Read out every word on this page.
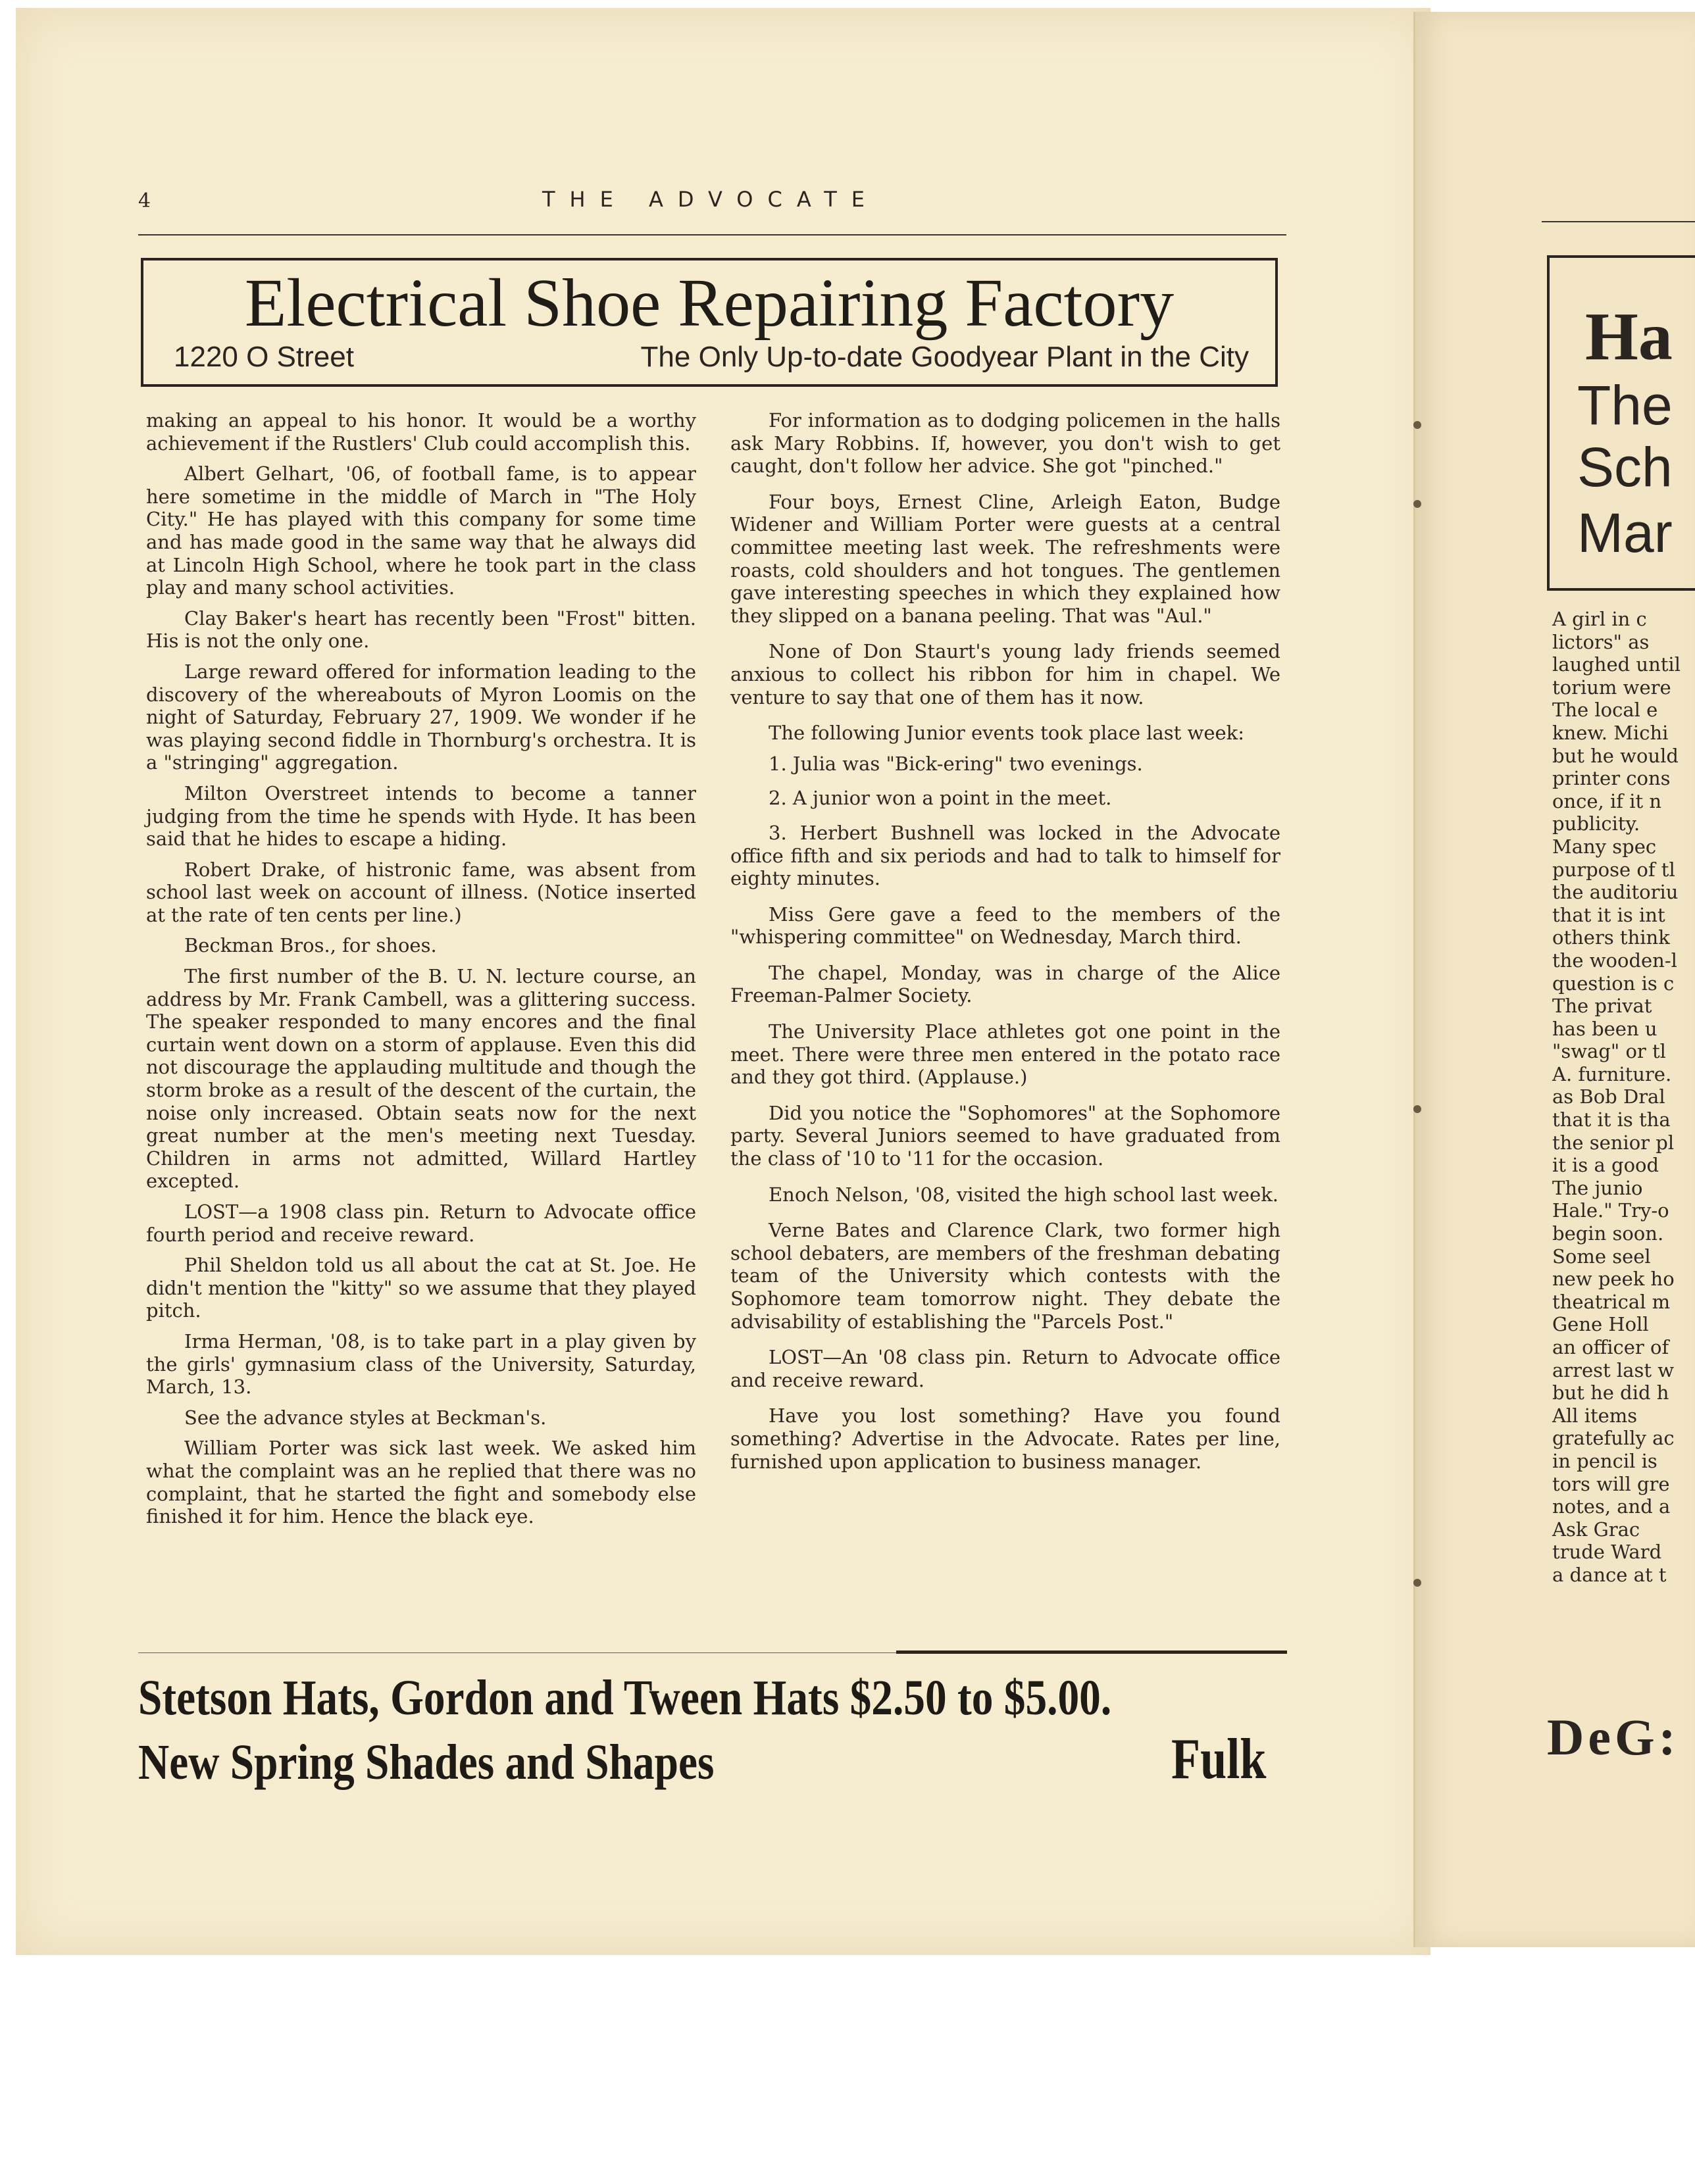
Ha
The
Sch
Mar
A girl in c
lictors" as
laughed until
torium were
The local e
knew. Michi
but he would
printer cons
once, if it n
publicity.
Many spec
purpose of tl
the auditoriu
that it is int
others think
the wooden-l
question is c
The privat
has been u
"swag" or tl
A. furniture.
as Bob Dral
that it is tha
the senior pl
it is a good
The junio
Hale." Try-o
begin soon.
Some seel
new peek ho
theatrical m
Gene Holl
an officer of
arrest last w
but he did h
All items
gratefully ac
in pencil is
tors will gre
notes, and a
Ask Grac
trude Ward
a dance at t
DeG:
4	THE ADVOCATE
Electrical Shoe Repairing Factory
1220 O Street	The Only Up-to-date Goodyear Plant in the City

making an appeal to his honor. It would be a worthy achievement if the Rustlers' Club could accomplish this.

Albert Gelhart, '06, of football fame, is to appear here sometime in the middle of March in "The Holy City." He has played with this company for some time and has made good in the same way that he always did at Lincoln High School, where he took part in the class play and many school activities.

Clay Baker's heart has recently been "Frost" bitten. His is not the only one.

Large reward offered for information leading to the discovery of the whereabouts of Myron Loomis on the night of Saturday, February 27, 1909. We wonder if he was playing second fiddle in Thornburg's orchestra. It is a "stringing" aggregation.

Milton Overstreet intends to become a tanner judging from the time he spends with Hyde. It has been said that he hides to escape a hiding.

Robert Drake, of histronic fame, was absent from school last week on account of illness. (Notice inserted at the rate of ten cents per line.)

Beckman Bros., for shoes.

The first number of the B. U. N. lecture course, an address by Mr. Frank Cambell, was a glittering success. The speaker responded to many encores and the final curtain went down on a storm of applause. Even this did not discourage the applauding multitude and though the storm broke as a result of the descent of the curtain, the noise only increased. Obtain seats now for the next great number at the men's meeting next Tuesday. Children in arms not admitted, Willard Hartley excepted.

LOST—a 1908 class pin. Return to Advocate office fourth period and receive reward.

Phil Sheldon told us all about the cat at St. Joe. He didn't mention the "kitty" so we assume that they played pitch.

Irma Herman, '08, is to take part in a play given by the girls' gymnasium class of the University, Saturday, March, 13.

See the advance styles at Beckman's.

William Porter was sick last week. We asked him what the complaint was an he replied that there was no complaint, that he started the fight and somebody else finished it for him. Hence the black eye.

For information as to dodging policemen in the halls ask Mary Robbins. If, however, you don't wish to get caught, don't follow her advice. She got "pinched."

Four boys, Ernest Cline, Arleigh Eaton, Budge Widener and William Porter were guests at a central committee meeting last week. The refreshments were roasts, cold shoulders and hot tongues. The gentlemen gave interesting speeches in which they explained how they slipped on a banana peeling. That was "Aul."

None of Don Staurt's young lady friends seemed anxious to collect his ribbon for him in chapel. We venture to say that one of them has it now.

The following Junior events took place last week:

1. Julia was "Bick-ering" two evenings.
2. A junior won a point in the meet.
3. Herbert Bushnell was locked in the Advocate office fifth and six periods and had to talk to himself for eighty minutes.

Miss Gere gave a feed to the members of the "whispering committee" on Wednesday, March third.

The chapel, Monday, was in charge of the Alice Freeman-Palmer Society.

The University Place athletes got one point in the meet. There were three men entered in the potato race and they got third. (Applause.)

Did you notice the "Sophomores" at the Sophomore party. Several Juniors seemed to have graduated from the class of '10 to '11 for the occasion.

Enoch Nelson, '08, visited the high school last week.

Verne Bates and Clarence Clark, two former high school debaters, are members of the freshman debating team of the University which contests with the Sophomore team tomorrow night. They debate the advisability of establishing the "Parcels Post."

LOST—An '08 class pin. Return to Advocate office and receive reward.

Have you lost something? Have you found something? Advertise in the Advocate. Rates per line, furnished upon application to business manager.

Stetson Hats, Gordon and Tween Hats $2.50 to $5.00.
New Spring Shades and Shapes	Fulk
